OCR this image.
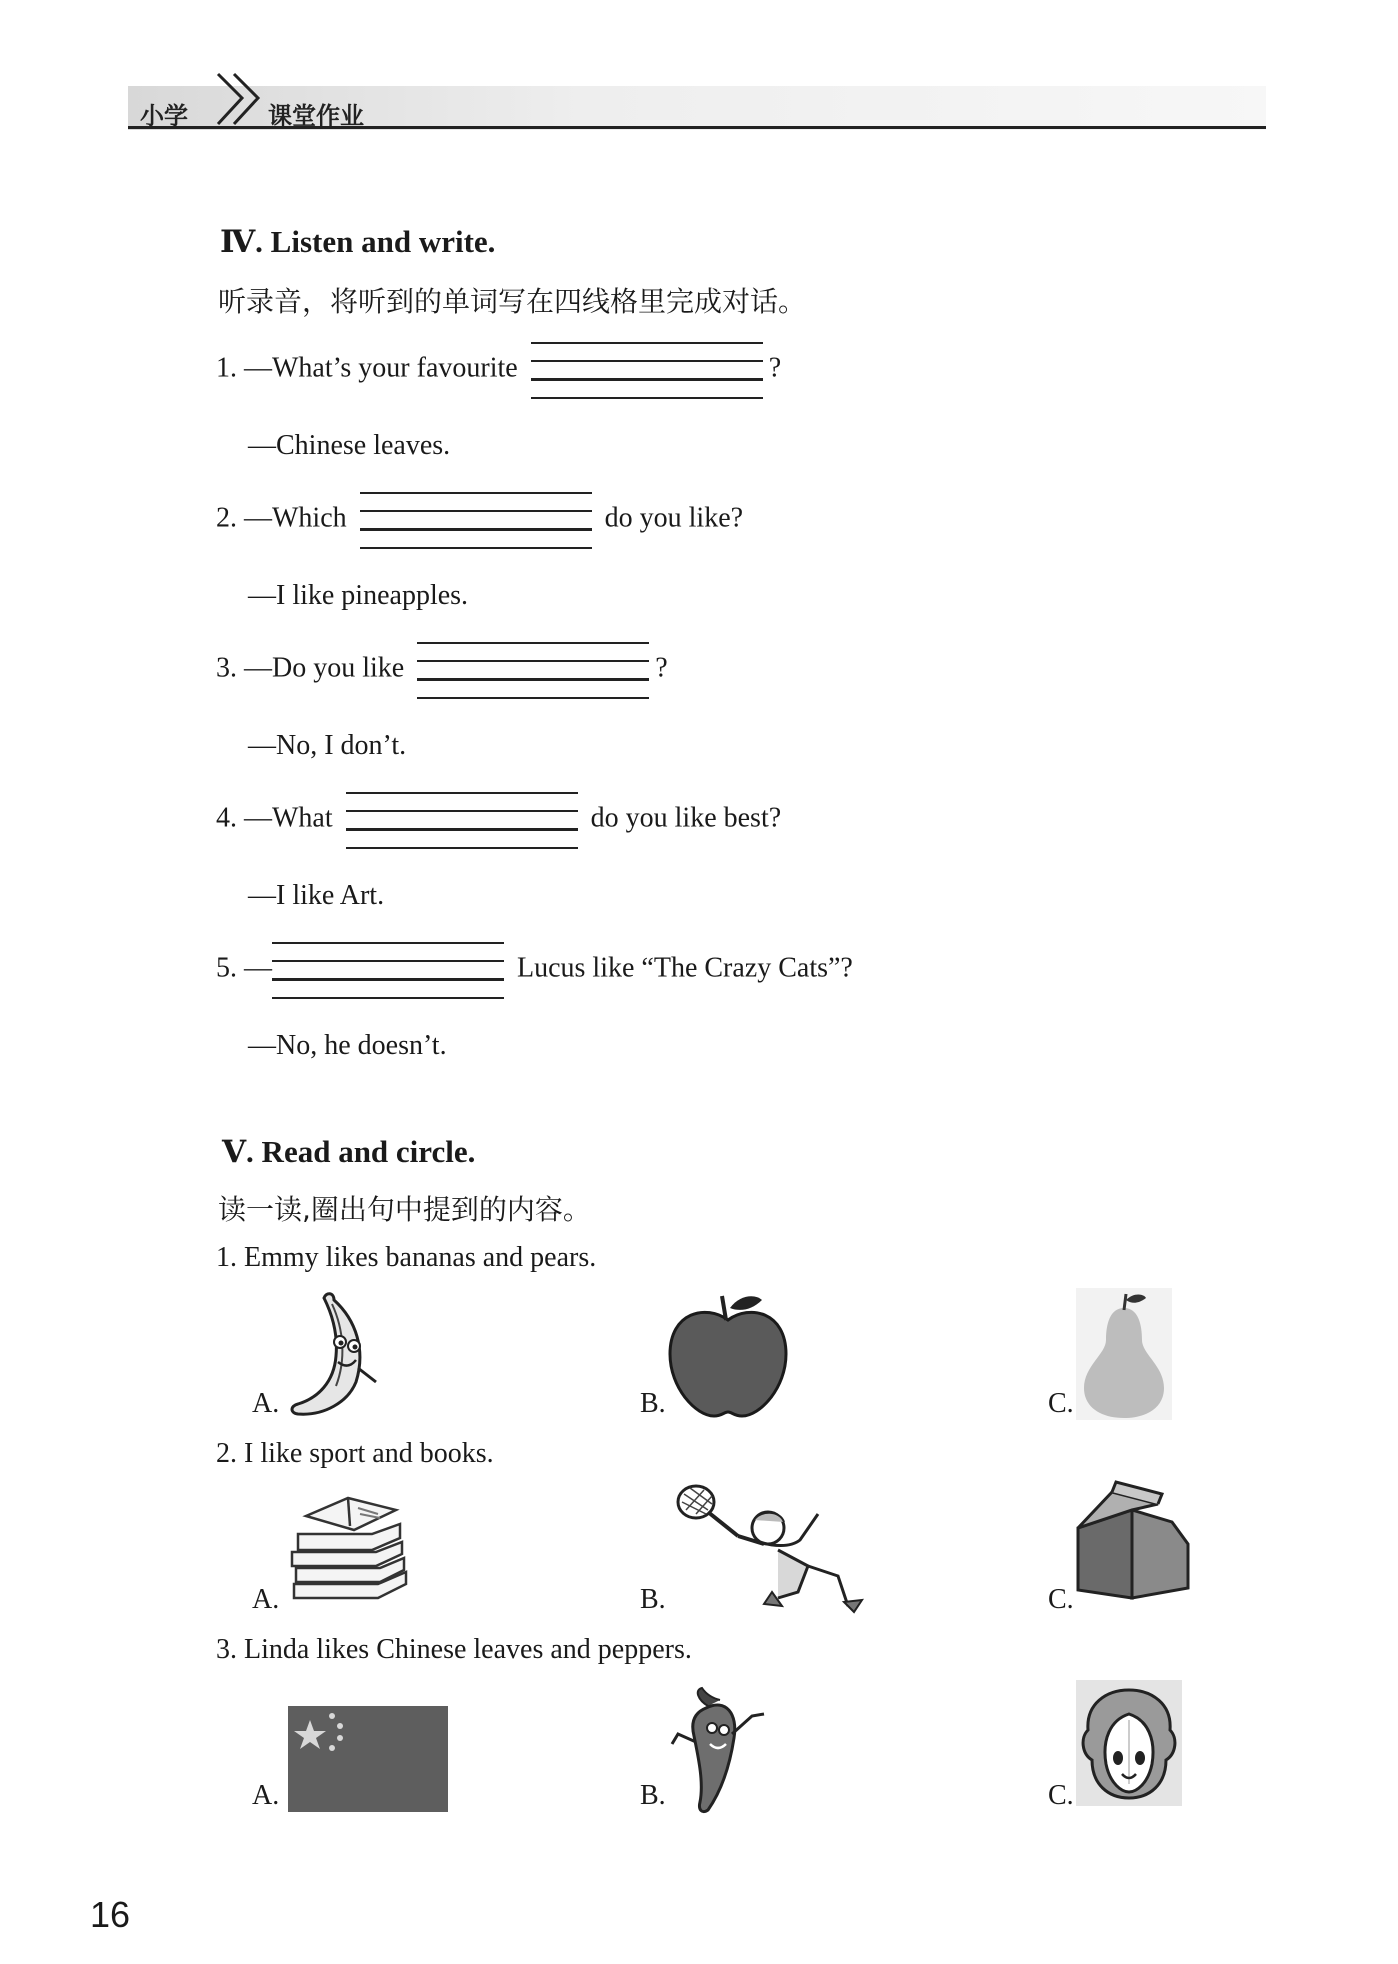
小学	课堂作业
Ⅳ. Listen and write.
听录音，将听到的单词写在四线格里完成对话。
1. —What’s your favourite	?
—Chinese leaves.
2. —Which	do you like?
—I like pineapples.
3. —Do you like	?
—No, I don’t.
4. —What	do you like best?
—I like Art.
5. —	Lucus like “The Crazy Cats”?
—No, he doesn’t.
Ⅴ. Read and circle.
读一读,圈出句中提到的内容。
1. Emmy likes bananas and pears.
A.	B.	C.
2. I like sport and books.
A.	B.	C.
3. Linda likes Chinese leaves and peppers.
A.	B.	C.
16
